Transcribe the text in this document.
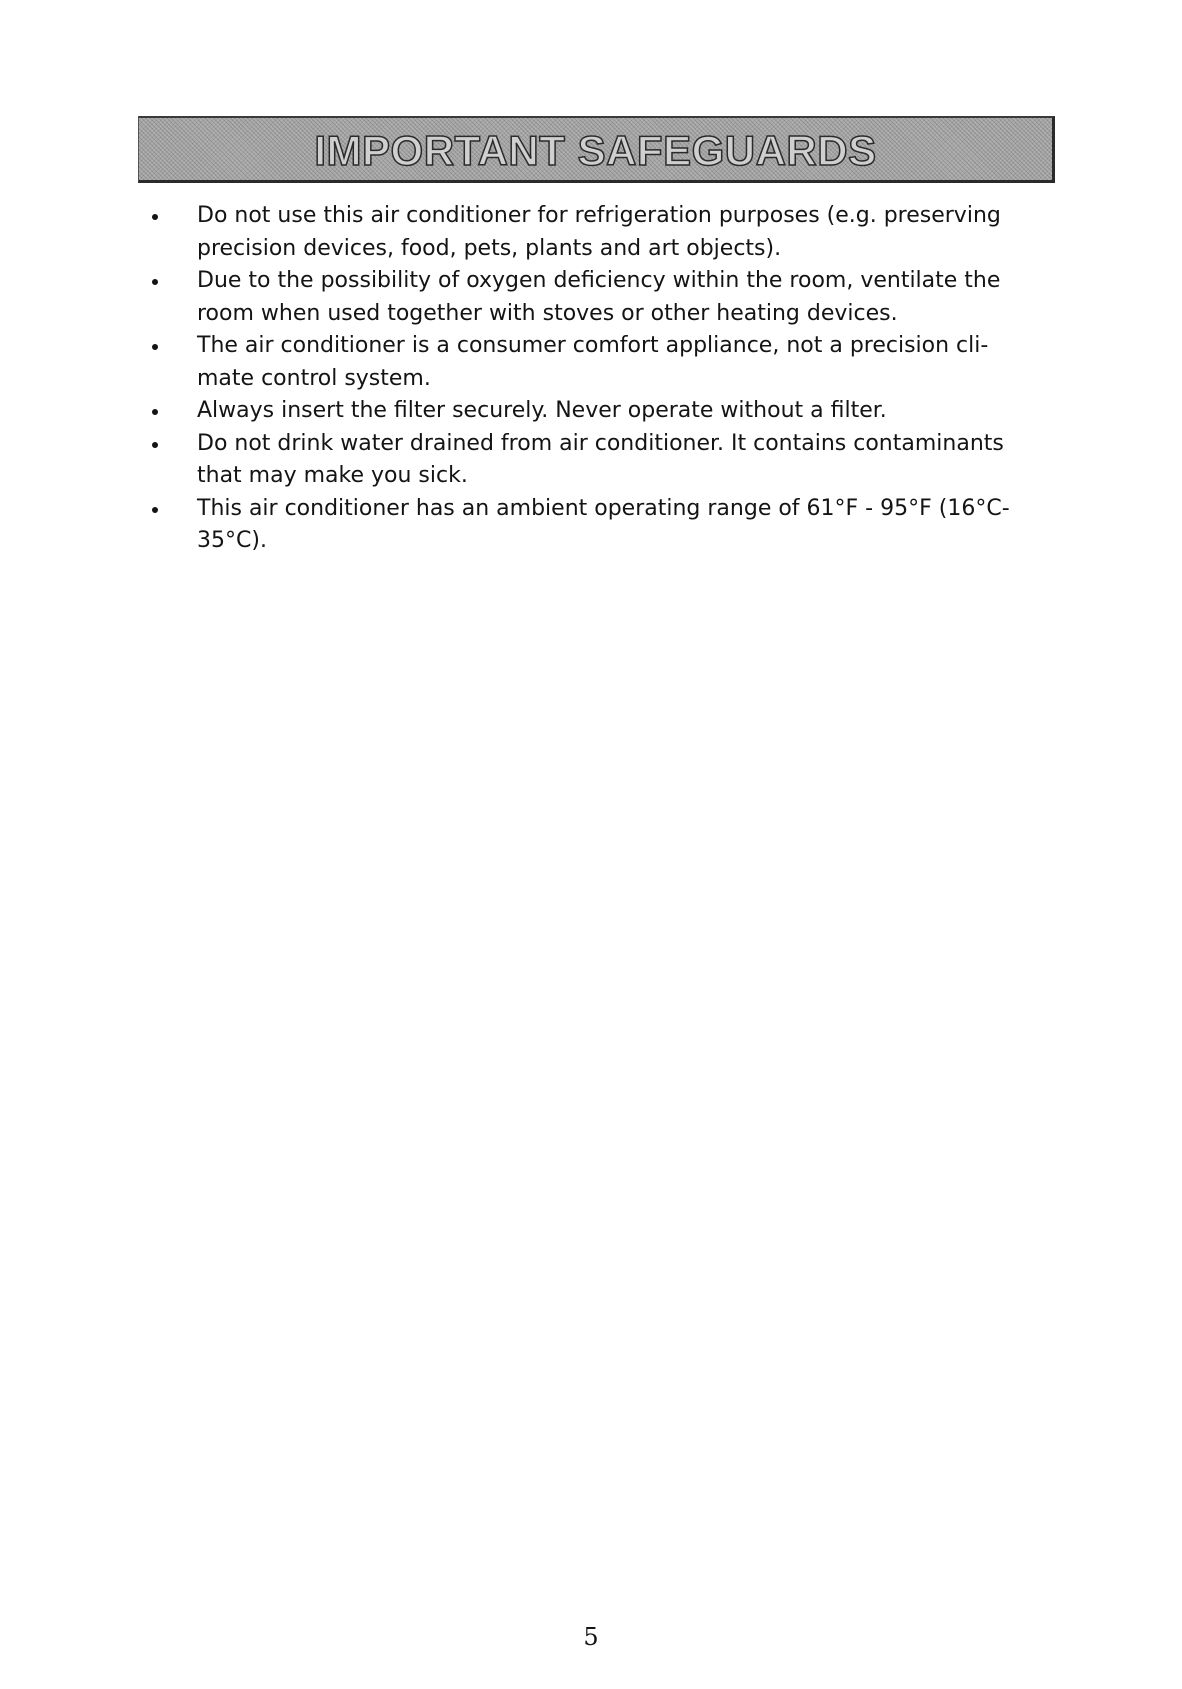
IMPORTANT SAFEGUARDS
Do not use this air conditioner for refrigeration purposes (e.g. preserving
precision devices, food, pets, plants and art objects).
Due to the possibility of oxygen deficiency within the room, ventilate the
room when used together with stoves or other heating devices.
The air conditioner is a consumer comfort appliance, not a precision cli-
mate control system.
Always insert the filter securely. Never operate without a filter.
Do not drink water drained from air conditioner. It contains contaminants
that may make you sick.
This air conditioner has an ambient operating range of 61°F - 95°F (16°C-
35°C).
5
